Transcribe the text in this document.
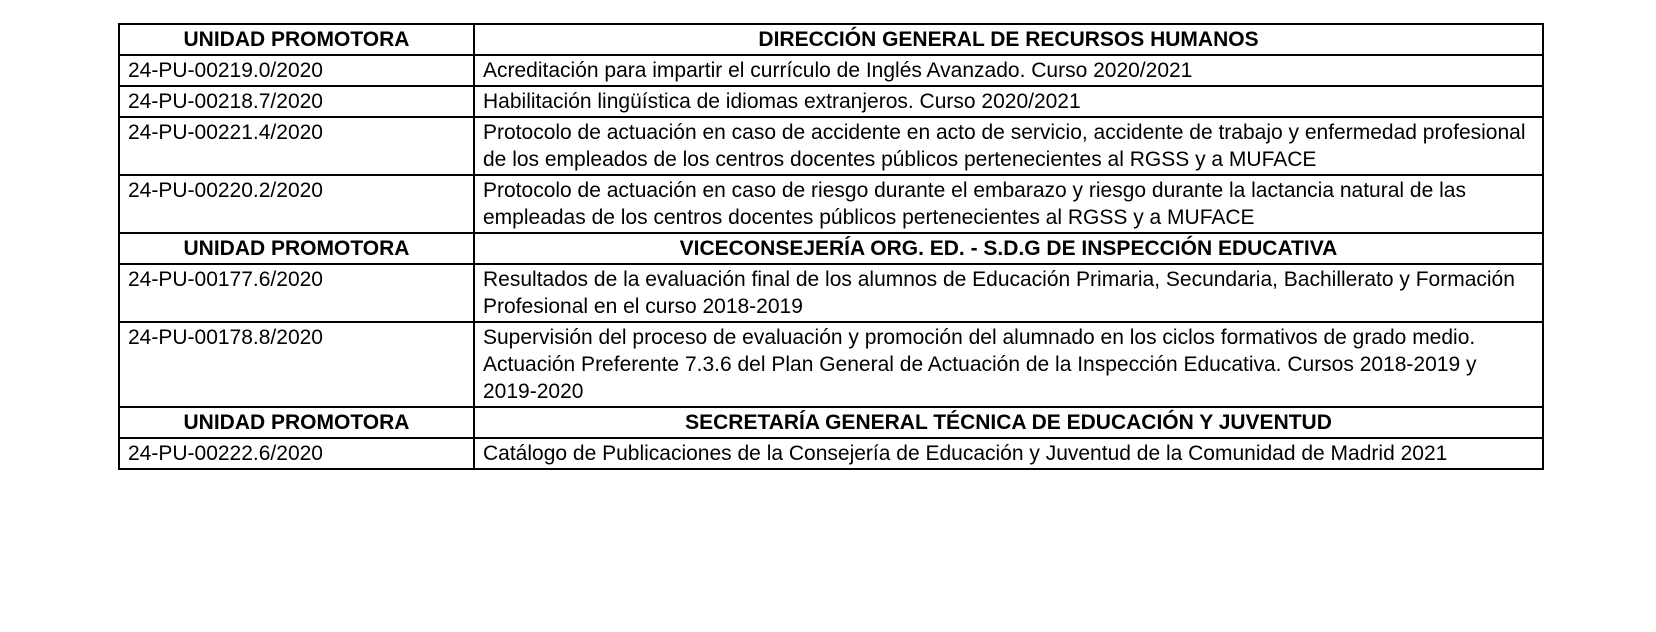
UNIDAD PROMOTORA	DIRECCIÓN GENERAL DE RECURSOS HUMANOS
24-PU-00219.0/2020	Acreditación para impartir el currículo de Inglés Avanzado. Curso 2020/2021
24-PU-00218.7/2020	Habilitación lingüística de idiomas extranjeros. Curso 2020/2021
24-PU-00221.4/2020	Protocolo de actuación en caso de accidente en acto de servicio, accidente de trabajo y enfermedad profesional de los empleados de los centros docentes públicos pertenecientes al RGSS y a MUFACE
24-PU-00220.2/2020	Protocolo de actuación en caso de riesgo durante el embarazo y riesgo durante la lactancia natural de las empleadas de los centros docentes públicos pertenecientes al RGSS y a MUFACE
UNIDAD PROMOTORA	VICECONSEJERÍA ORG. ED. - S.D.G DE INSPECCIÓN EDUCATIVA
24-PU-00177.6/2020	Resultados de la evaluación final de los alumnos de Educación Primaria, Secundaria, Bachillerato y Formación Profesional en el curso 2018-2019
24-PU-00178.8/2020	Supervisión del proceso de evaluación y promoción del alumnado en los ciclos formativos de grado medio. Actuación Preferente 7.3.6 del Plan General de Actuación de la Inspección Educativa. Cursos 2018-2019 y 2019-2020
UNIDAD PROMOTORA	SECRETARÍA GENERAL TÉCNICA DE EDUCACIÓN Y JUVENTUD
24-PU-00222.6/2020	Catálogo de Publicaciones de la Consejería de Educación y Juventud de la Comunidad de Madrid 2021
